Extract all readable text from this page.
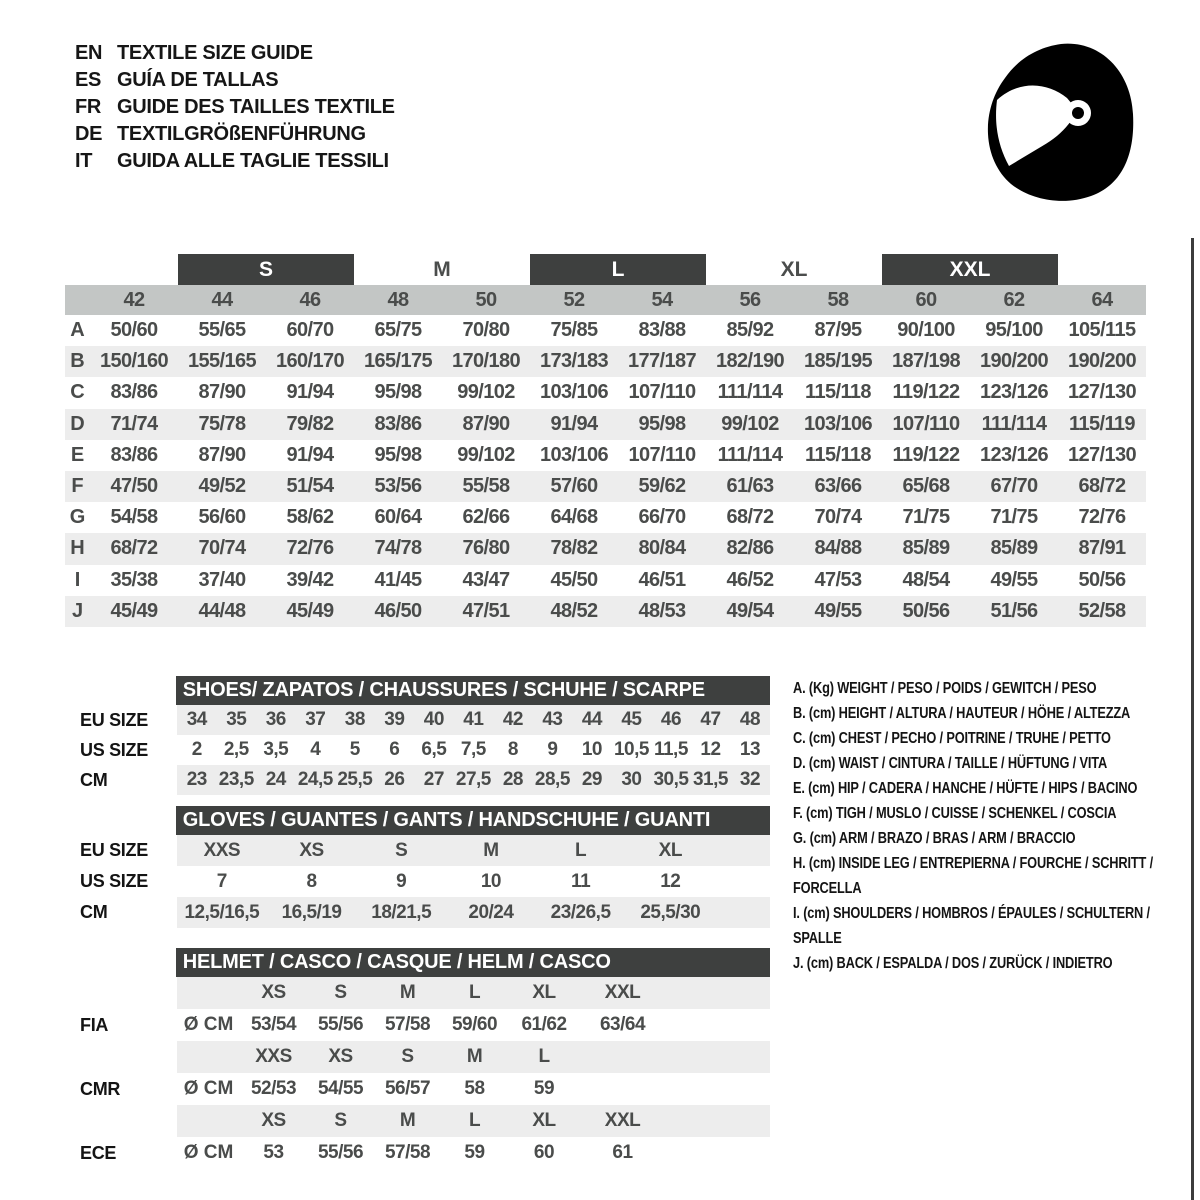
EN TEXTILE SIZE GUIDE
ES GUÍA DE TALLAS
FR GUIDE DES TAILLES TEXTILE
DE TEXTILGRÖßENFÜHRUNG
IT	GUIDA ALLE TAGLIE TESSILI
S	M	L	XL	XXL
42	44	46	48	50	52	54	56	58	60	62	64
A	50/60	55/65	60/70	65/75	70/80	75/85	83/88	85/92	87/95	90/100	95/100	105/115
B 150/160 155/165 160/170 165/175 170/180 173/183 177/187 182/190 185/195 187/198 190/200 190/200
C	83/86	87/90	91/94	95/98	99/102	103/106	107/110	111/114	115/118	119/122	123/126 127/130
D	71/74	75/78	79/82	83/86	87/90	91/94	95/98	99/102	103/106	107/110	111/114	115/119
E	83/86	87/90	91/94	95/98	99/102	103/106	107/110	111/114	115/118	119/122	123/126 127/130
F	47/50	49/52	51/54	53/56	55/58	57/60	59/62	61/63	63/66	65/68	67/70	68/72
G	54/58	56/60	58/62	60/64	62/66	64/68	66/70	68/72	70/74	71/75	71/75	72/76
H	68/72	70/74	72/76	74/78	76/80	78/82	80/84	82/86	84/88	85/89	85/89	87/91
I	35/38	37/40	39/42	41/45	43/47	45/50	46/51	46/52	47/53	48/54	49/55	50/56
J	45/49	44/48	45/49	46/50	47/51	48/52	48/53	49/54	49/55	50/56	51/56	52/58
SHOES/ ZAPATOS / CHAUSSURES / SCHUHE / SCARPE
EU SIZE	34	35	36	37	38	39	40	41	42	43	44	45	46	47	48
US SIZE	2	2,5 3,5	4	5	6	6,5 7,5	8	9	10 10,5 11,5 12	13
CM	23 23,5 24 24,5 25,5 26	27 27,5 28 28,5 29	30 30,5 31,5 32
GLOVES / GUANTES / GANTS / HANDSCHUHE / GUANTI
EU SIZE	XXS	XS	S	M	L	XL
US SIZE	7	8	9	10	11	12
CM	12,5/16,5	16,5/19	18/21,5	20/24	23/26,5	25,5/30
HELMET / CASCO / CASQUE / HELM / CASCO
XS	S	M	L	XL	XXL
FIA	Ø CM 53/54	55/56	57/58	59/60	61/62	63/64
XXS	XS	S	M	L
CMR	Ø CM 52/53	54/55	56/57	58	59
XS	S	M	L	XL	XXL
ECE	Ø CM	53	55/56	57/58	59	60	61
A. (Kg) WEIGHT / PESO / POIDS / GEWITCH / PESO
B. (cm) HEIGHT / ALTURA / HAUTEUR / HÖHE / ALTEZZA
C. (cm) CHEST / PECHO / POITRINE / TRUHE / PETTO
D. (cm) WAIST / CINTURA / TAILLE / HÜFTUNG / VITA
E. (cm) HIP / CADERA / HANCHE / HÜFTE / HIPS / BACINO
F. (cm) TIGH / MUSLO / CUISSE / SCHENKEL / COSCIA
G. (cm) ARM / BRAZO / BRAS / ARM / BRACCIO
H. (cm) INSIDE LEG / ENTREPIERNA / FOURCHE / SCHRITT / FORCELLA
I. (cm) SHOULDERS / HOMBROS / ÉPAULES / SCHULTERN / SPALLE
J. (cm) BACK / ESPALDA / DOS / ZURÜCK / INDIETRO
